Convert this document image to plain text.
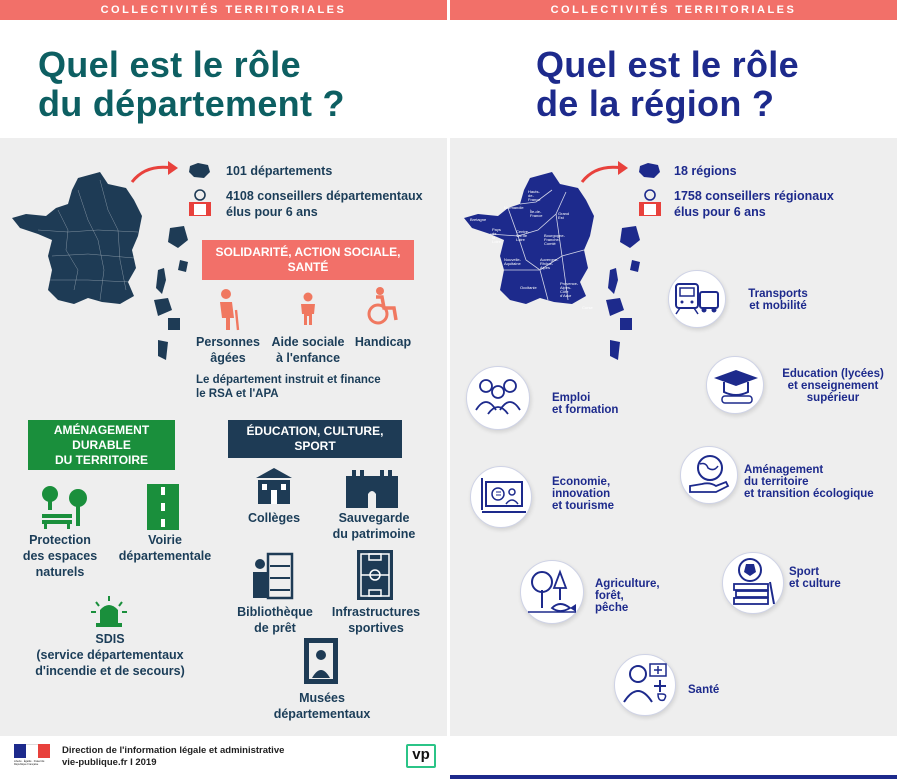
COLLECTIVITÉS TERRITORIALES	COLLECTIVITÉS TERRITORIALES
Quel est le rôle
du département ?
Quel est le rôle
de la région ?
101 départements
4108 conseillers départementaux
élus pour 6 ans
SOLIDARITÉ, ACTION SOCIALE,
SANTÉ
Personnes
âgées
Aide sociale
à l'enfance
Handicap
Le département instruit et finance
le RSA et l'APA
AMÉNAGEMENT
DURABLE
DU TERRITOIRE
Protection
des espaces
naturels
Voirie
départementale
SDIS
(service départementaux
d'incendie et de secours)
ÉDUCATION, CULTURE,
SPORT
Collèges	Sauvegarde
du patrimoine
Bibliothèque
de prêt
Infrastructures
sportives
Musées
départementaux
Hauts-
de-France
Normandie
Île-de-
France	Grand Est
Bretagne
Pays de
la Loire
Centre-
Val de Loire
Bourgogne-
Franche-Comté
Nouvelle-
Aquitaine
Auvergne-
Rhône-Alpes
Occitanie
Provence-
Alpes-
Côte d'Azur
Corse
18 régions
1758 conseillers régionaux
élus pour 6 ans
Transports
et mobilité
Education (lycées)
et enseignement
supérieur
Emploi
et formation
Aménagement
du territoire
et transition écologique
Economie,
innovation
et tourisme
Sport
et culture
Agriculture,
forêt,
pêche
Santé
Liberté · Égalité · Fraternité
République Française
Direction de l'information légale et administrative
vie-publique.fr I 2019	vp
